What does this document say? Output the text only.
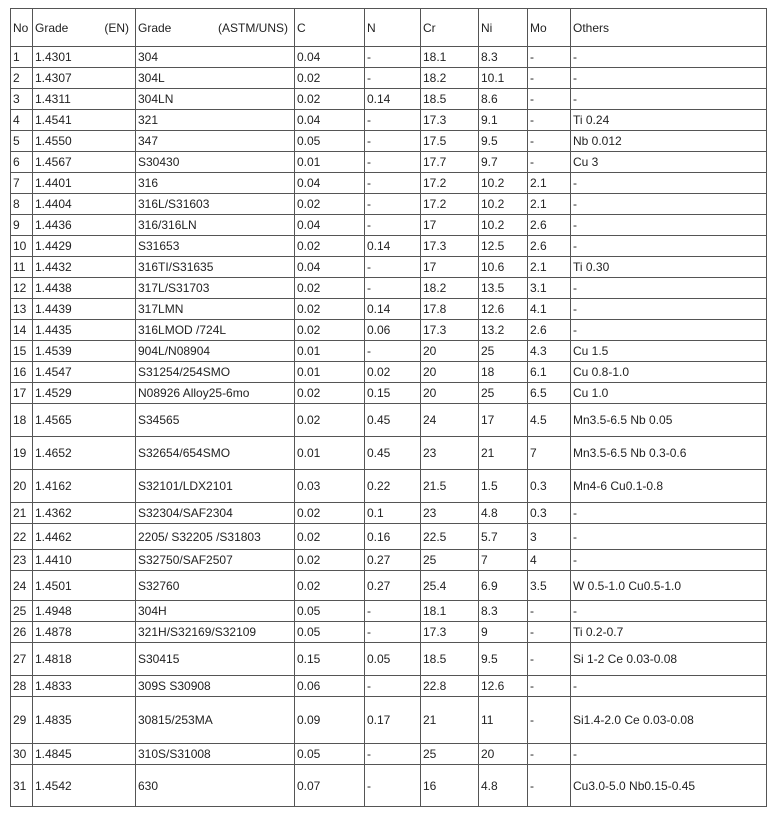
No	Grade (EN)	Grade (ASTM/UNS)	C	N	Cr	Ni	Mo	Others
1	1.4301	304	0.04	-	18.1	8.3	-	-
2	1.4307	304L	0.02	-	18.2	10.1	-	-
3	1.4311	304LN	0.02	0.14	18.5	8.6	-	-
4	1.4541	321	0.04	-	17.3	9.1	-	Ti 0.24
5	1.4550	347	0.05	-	17.5	9.5	-	Nb 0.012
6	1.4567	S30430	0.01	-	17.7	9.7	-	Cu 3
7	1.4401	316	0.04	-	17.2	10.2	2.1	-
8	1.4404	316L/S31603	0.02	-	17.2	10.2	2.1	-
9	1.4436	316/316LN	0.04	-	17	10.2	2.6	-
10	1.4429	S31653	0.02	0.14	17.3	12.5	2.6	-
11	1.4432	316TI/S31635	0.04	-	17	10.6	2.1	Ti 0.30
12	1.4438	317L/S31703	0.02	-	18.2	13.5	3.1	-
13	1.4439	317LMN	0.02	0.14	17.8	12.6	4.1	-
14	1.4435	316LMOD /724L	0.02	0.06	17.3	13.2	2.6	-
15	1.4539	904L/N08904	0.01	-	20	25	4.3	Cu 1.5
16	1.4547	S31254/254SMO	0.01	0.02	20	18	6.1	Cu 0.8-1.0
17	1.4529	N08926 Alloy25-6mo	0.02	0.15	20	25	6.5	Cu 1.0
18	1.4565	S34565	0.02	0.45	24	17	4.5	Mn3.5-6.5 Nb 0.05
19	1.4652	S32654/654SMO	0.01	0.45	23	21	7	Mn3.5-6.5 Nb 0.3-0.6
20	1.4162	S32101/LDX2101	0.03	0.22	21.5	1.5	0.3	Mn4-6 Cu0.1-0.8
21	1.4362	S32304/SAF2304	0.02	0.1	23	4.8	0.3	-
22	1.4462	2205/ S32205 /S31803	0.02	0.16	22.5	5.7	3	-
23	1.4410	S32750/SAF2507	0.02	0.27	25	7	4	-
24	1.4501	S32760	0.02	0.27	25.4	6.9	3.5	W 0.5-1.0 Cu0.5-1.0
25	1.4948	304H	0.05	-	18.1	8.3	-	-
26	1.4878	321H/S32169/S32109	0.05	-	17.3	9	-	Ti 0.2-0.7
27	1.4818	S30415	0.15	0.05	18.5	9.5	-	Si 1-2 Ce 0.03-0.08
28	1.4833	309S S30908	0.06	-	22.8	12.6	-	-
29	1.4835	30815/253MA	0.09	0.17	21	11	-	Si1.4-2.0 Ce 0.03-0.08
30	1.4845	310S/S31008	0.05	-	25	20	-	-
31	1.4542	630	0.07	-	16	4.8	-	Cu3.0-5.0 Nb0.15-0.45
